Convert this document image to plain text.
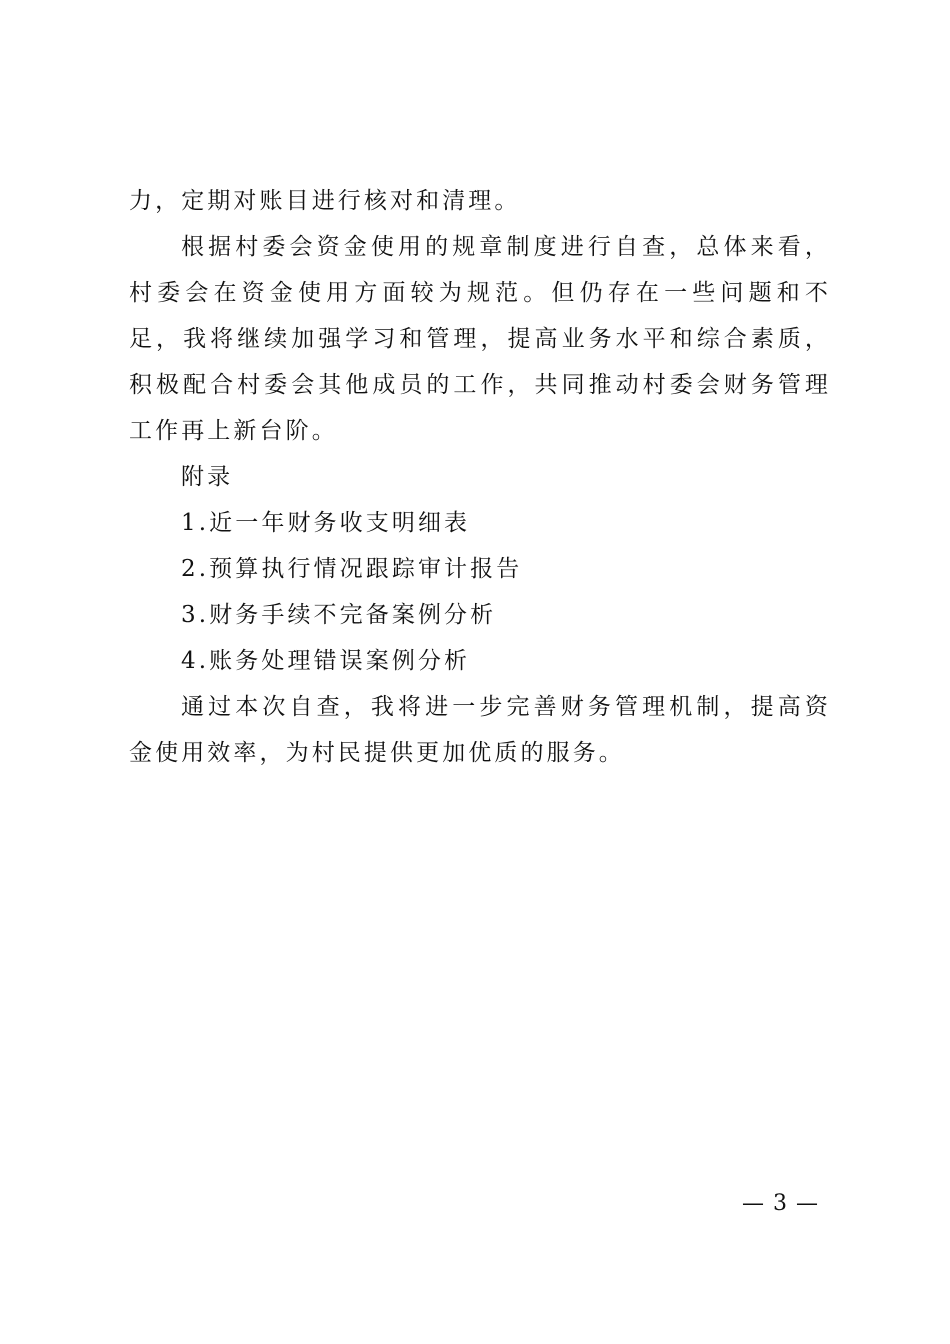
力，定期对账目进行核对和清理。

根据村委会资金使用的规章制度进行自查，总体来看，村委会在资金使用方面较为规范。但仍存在一些问题和不足，我将继续加强学习和管理，提高业务水平和综合素质，积极配合村委会其他成员的工作，共同推动村委会财务管理工作再上新台阶。

附录

1.近一年财务收支明细表

2.预算执行情况跟踪审计报告

3.财务手续不完备案例分析

4.账务处理错误案例分析

通过本次自查，我将进一步完善财务管理机制，提高资金使用效率，为村民提供更加优质的服务。

— 3 —
